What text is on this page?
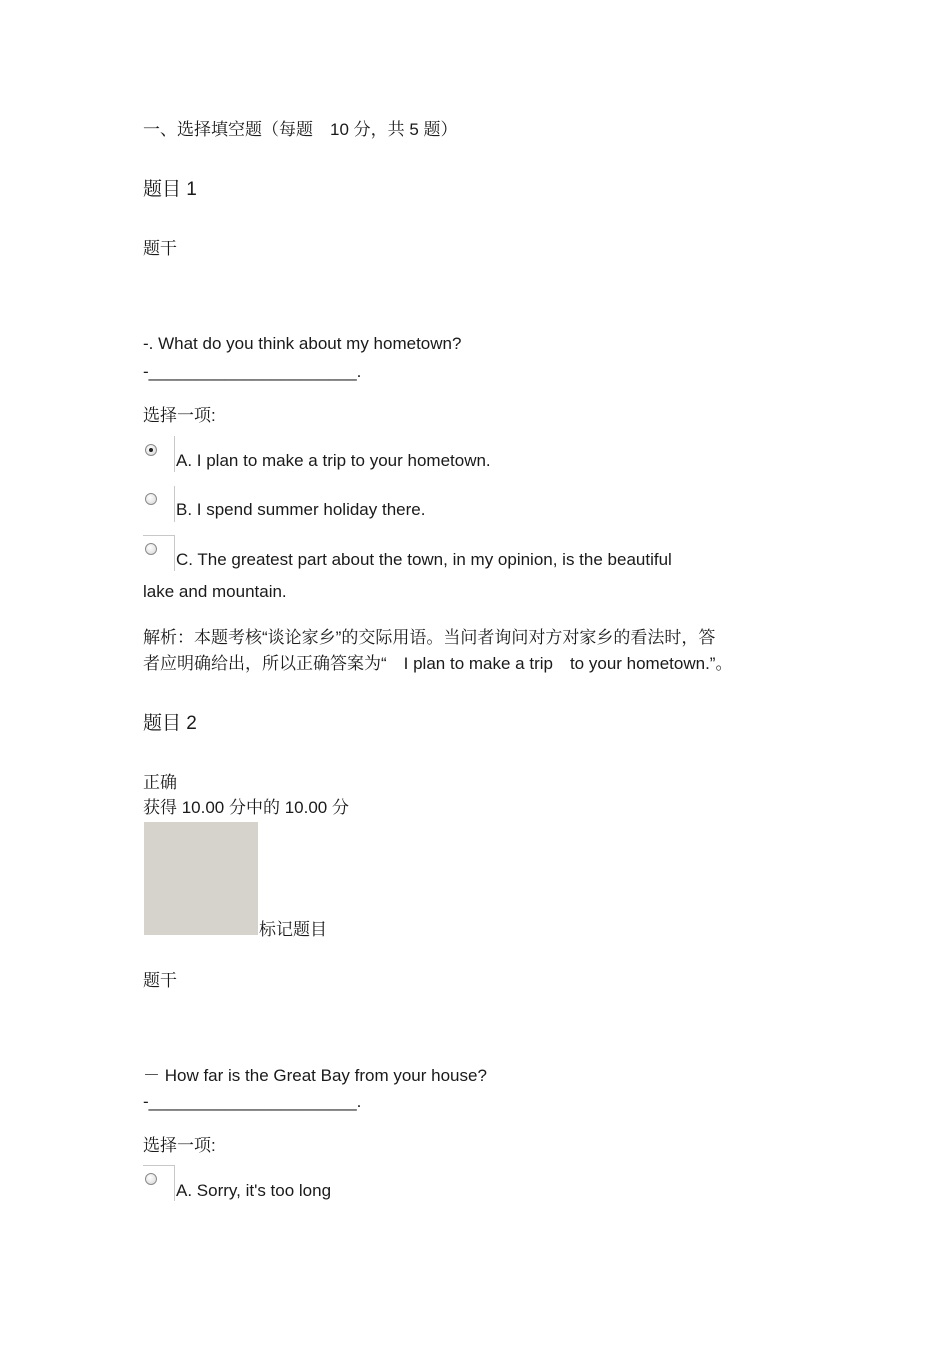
一、选择填空题（每题　10 分，共 5 题）
题目 1
题干
-. What do you think about my hometown?
-______________________.
选择一项:
A. I plan to make a trip to your hometown.
B. I spend summer holiday there.
C. The greatest part about the town, in my opinion, is the beautiful
lake and mountain.
解析：本题考核“谈论家乡”的交际用语。当问者询问对方对家乡的看法时，答
者应明确给出，所以正确答案为“　I plan to make a trip　to your hometown.”。
题目 2
正确
获得 10.00 分中的 10.00 分
标记题目
题干
－ How far is the Great Bay from your house?
-______________________.
选择一项:
A. Sorry, it's too long
